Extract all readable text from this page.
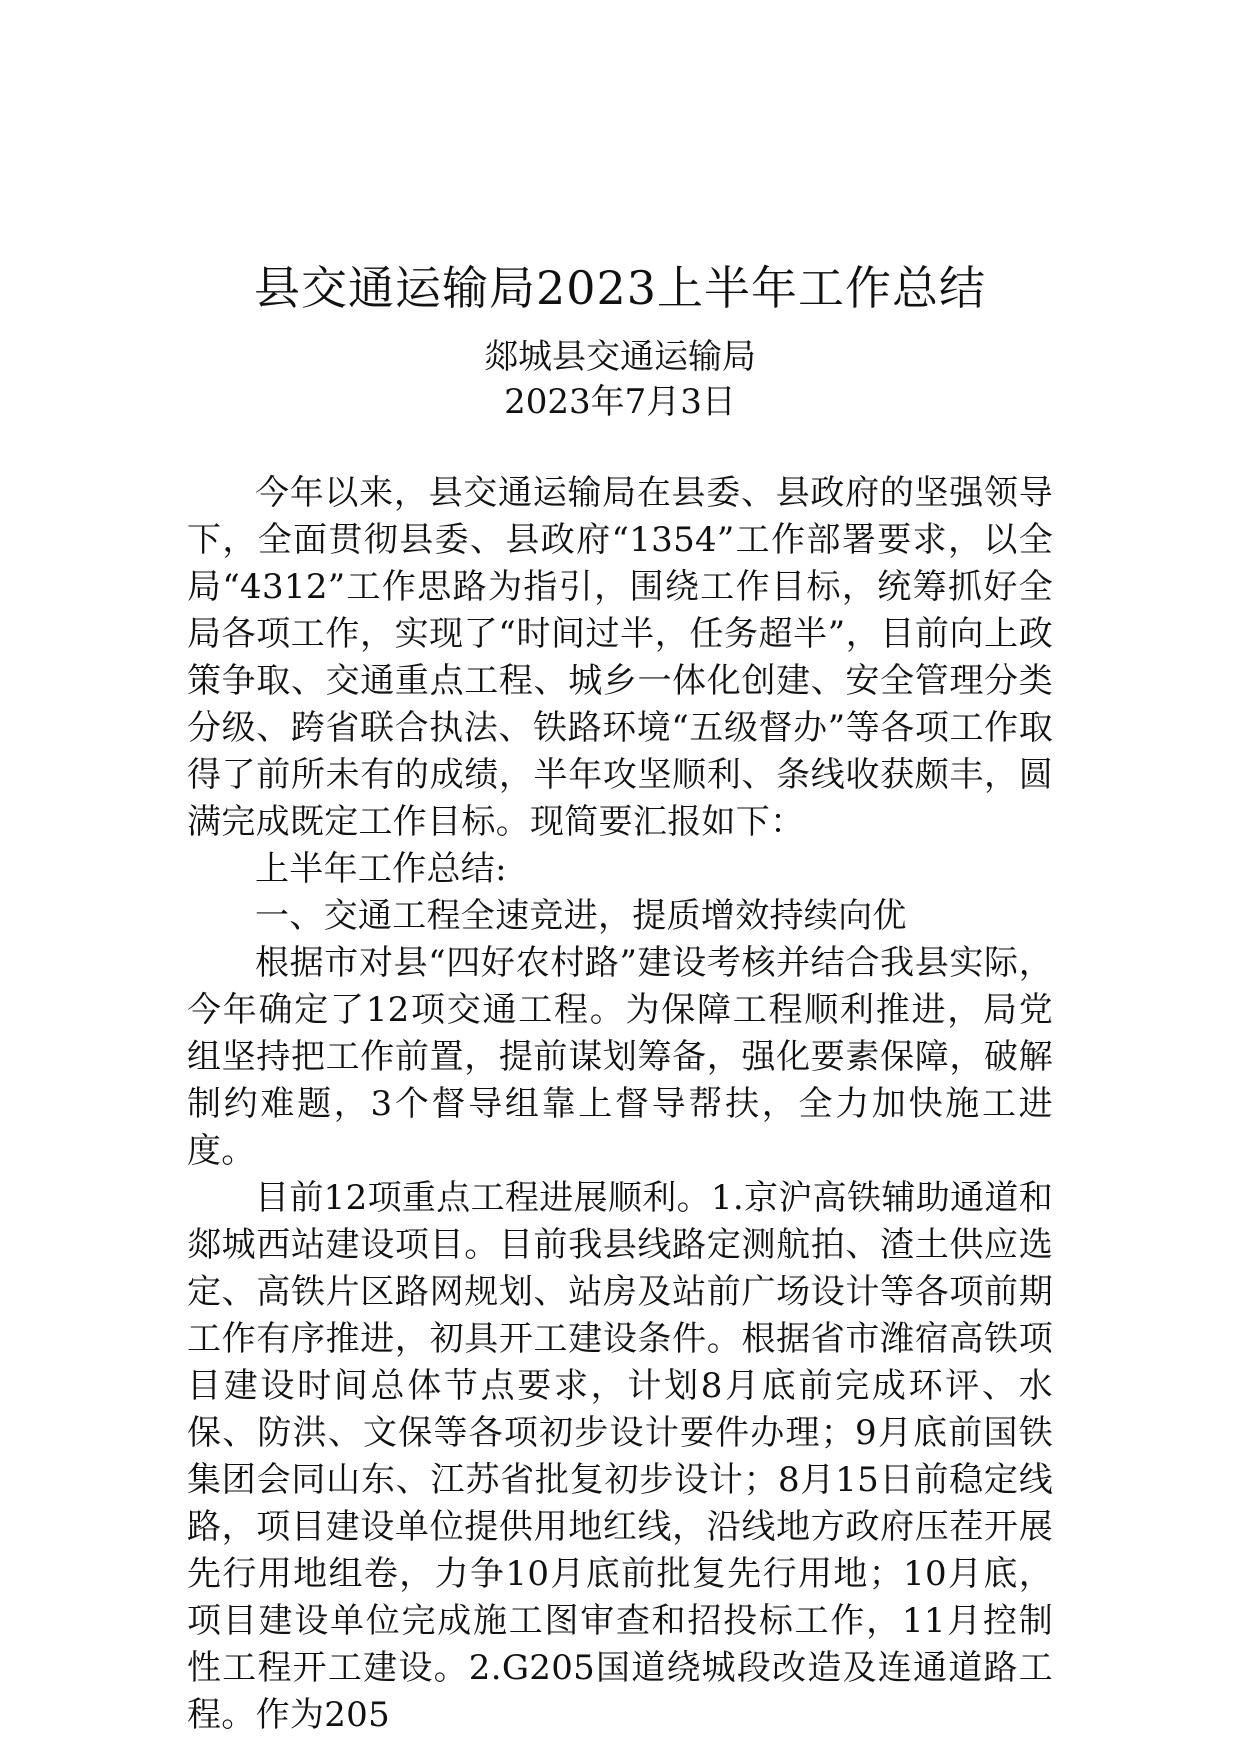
县交通运输局2023上半年工作总结
郯城县交通运输局
2023年7月3日

今年以来，县交通运输局在县委、县政府的坚强领导下，全面贯彻县委、县政府“1354”工作部署要求，以全局“4312”工作思路为指引，围绕工作目标，统筹抓好全局各项工作，实现了“时间过半，任务超半”，目前向上政策争取、交通重点工程、城乡一体化创建、安全管理分类分级、跨省联合执法、铁路环境“五级督办”等各项工作取得了前所未有的成绩，半年攻坚顺利、条线收获颇丰，圆满完成既定工作目标。现简要汇报如下：

上半年工作总结:

一、交通工程全速竞进，提质增效持续向优

根据市对县“四好农村路”建设考核并结合我县实际，今年确定了12项交通工程。为保障工程顺利推进，局党组坚持把工作前置，提前谋划筹备，强化要素保障，破解制约难题，3个督导组靠上督导帮扶，全力加快施工进度。

目前12项重点工程进展顺利。1.京沪高铁辅助通道和郯城西站建设项目。目前我县线路定测航拍、渣土供应选定、高铁片区路网规划、站房及站前广场设计等各项前期工作有序推进，初具开工建设条件。根据省市潍宿高铁项目建设时间总体节点要求，计划8月底前完成环评、水保、防洪、文保等各项初步设计要件办理；9月底前国铁集团会同山东、江苏省批复初步设计；8月15日前稳定线路，项目建设单位提供用地红线，沿线地方政府压茬开展先行用地组卷，力争10月底前批复先行用地；10月底，项目建设单位完成施工图审查和招投标工作，11月控制性工程开工建设。2.G205国道绕城段改造及连通道路工程。作为205
